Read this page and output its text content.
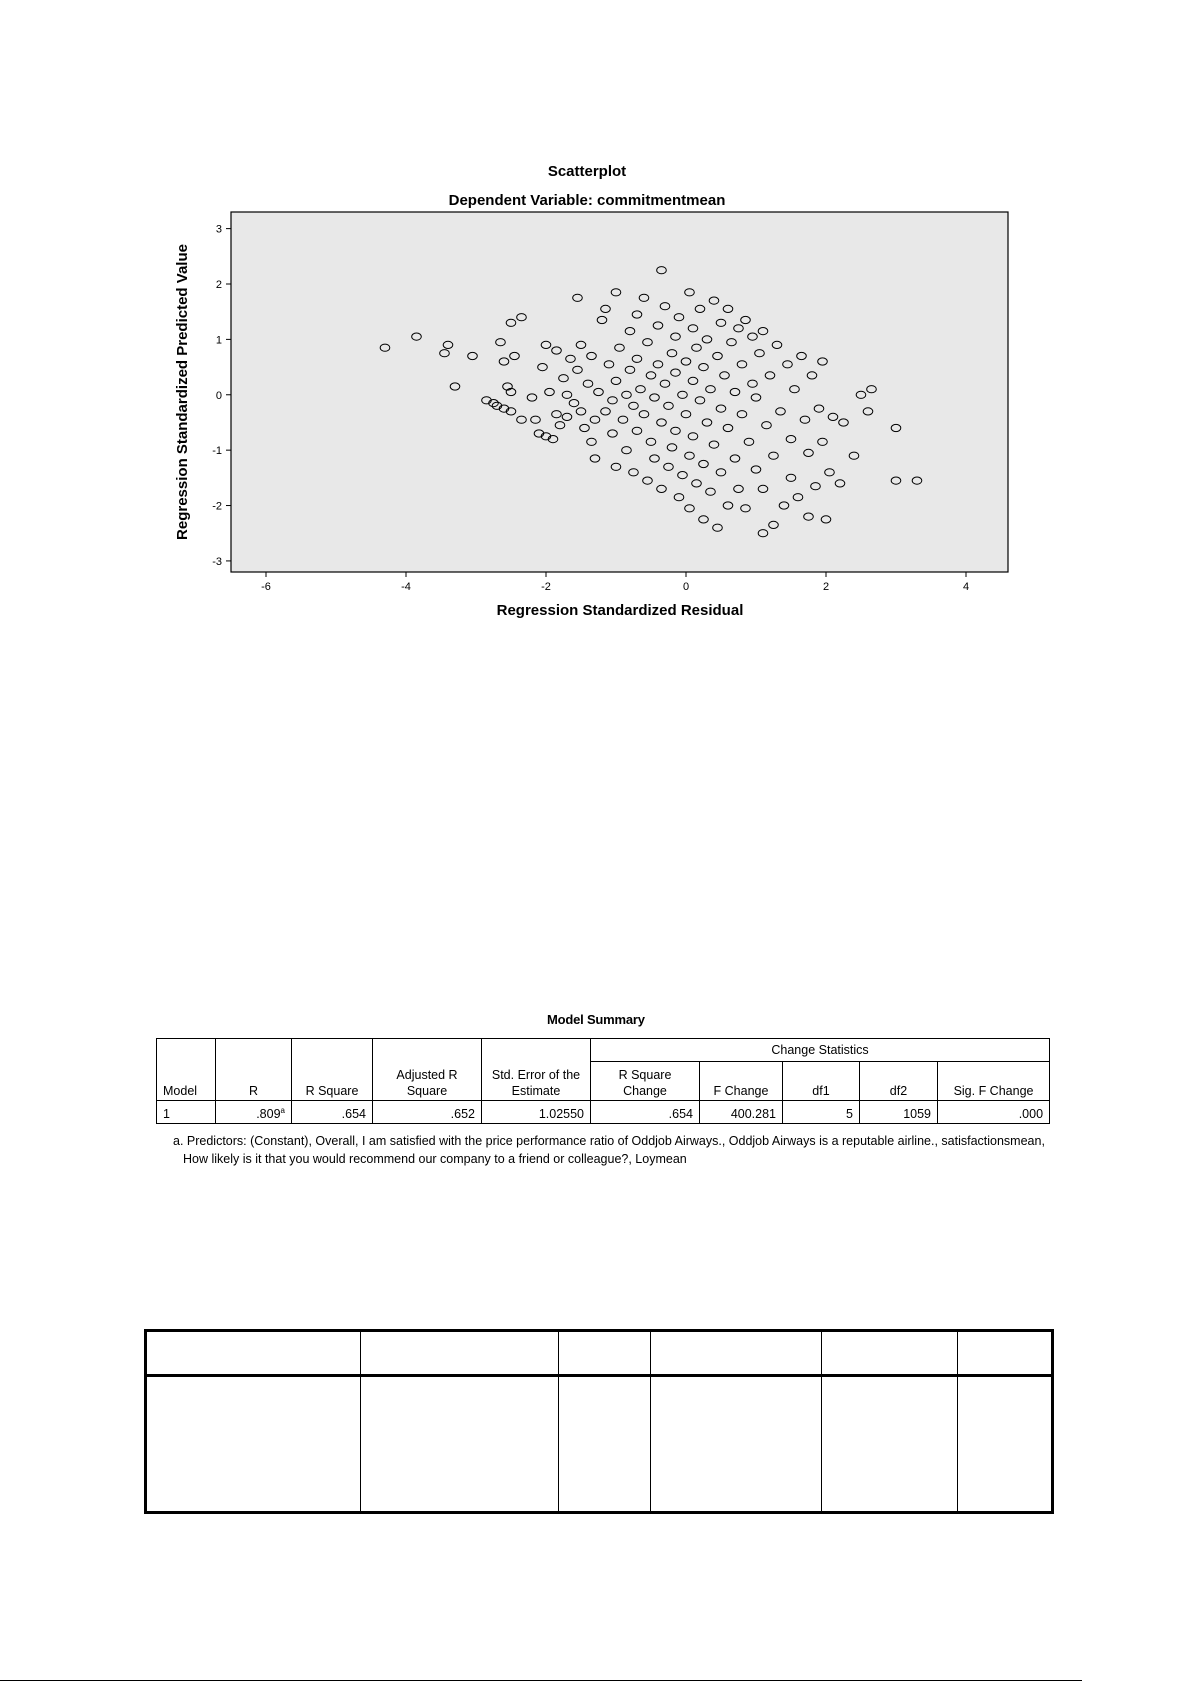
Scatterplot
Dependent Variable: commitmentmean
-6	-4	-2	0	2	4
-3
-2
-1
0
1
2
3
Regression Standardized Residual
Regression Standardized Predicted Value
Model Summary
Model	R	R Square	Adjusted R Square	Std. Error of the Estimate	Change Statistics				
					R Square Change	F Change	df1	df2	Sig. F Change
1	.809$^a$	.654	.652	1.02550	.654	400.281	5	1059	.000
a. Predictors: (Constant), Overall, I am satisfied with the price performance ratio of Oddjob Airways., Oddjob Airways is a reputable airline., satisfactionsmean, How likely is it that you would recommend our company to a friend or colleague?, Loymean
